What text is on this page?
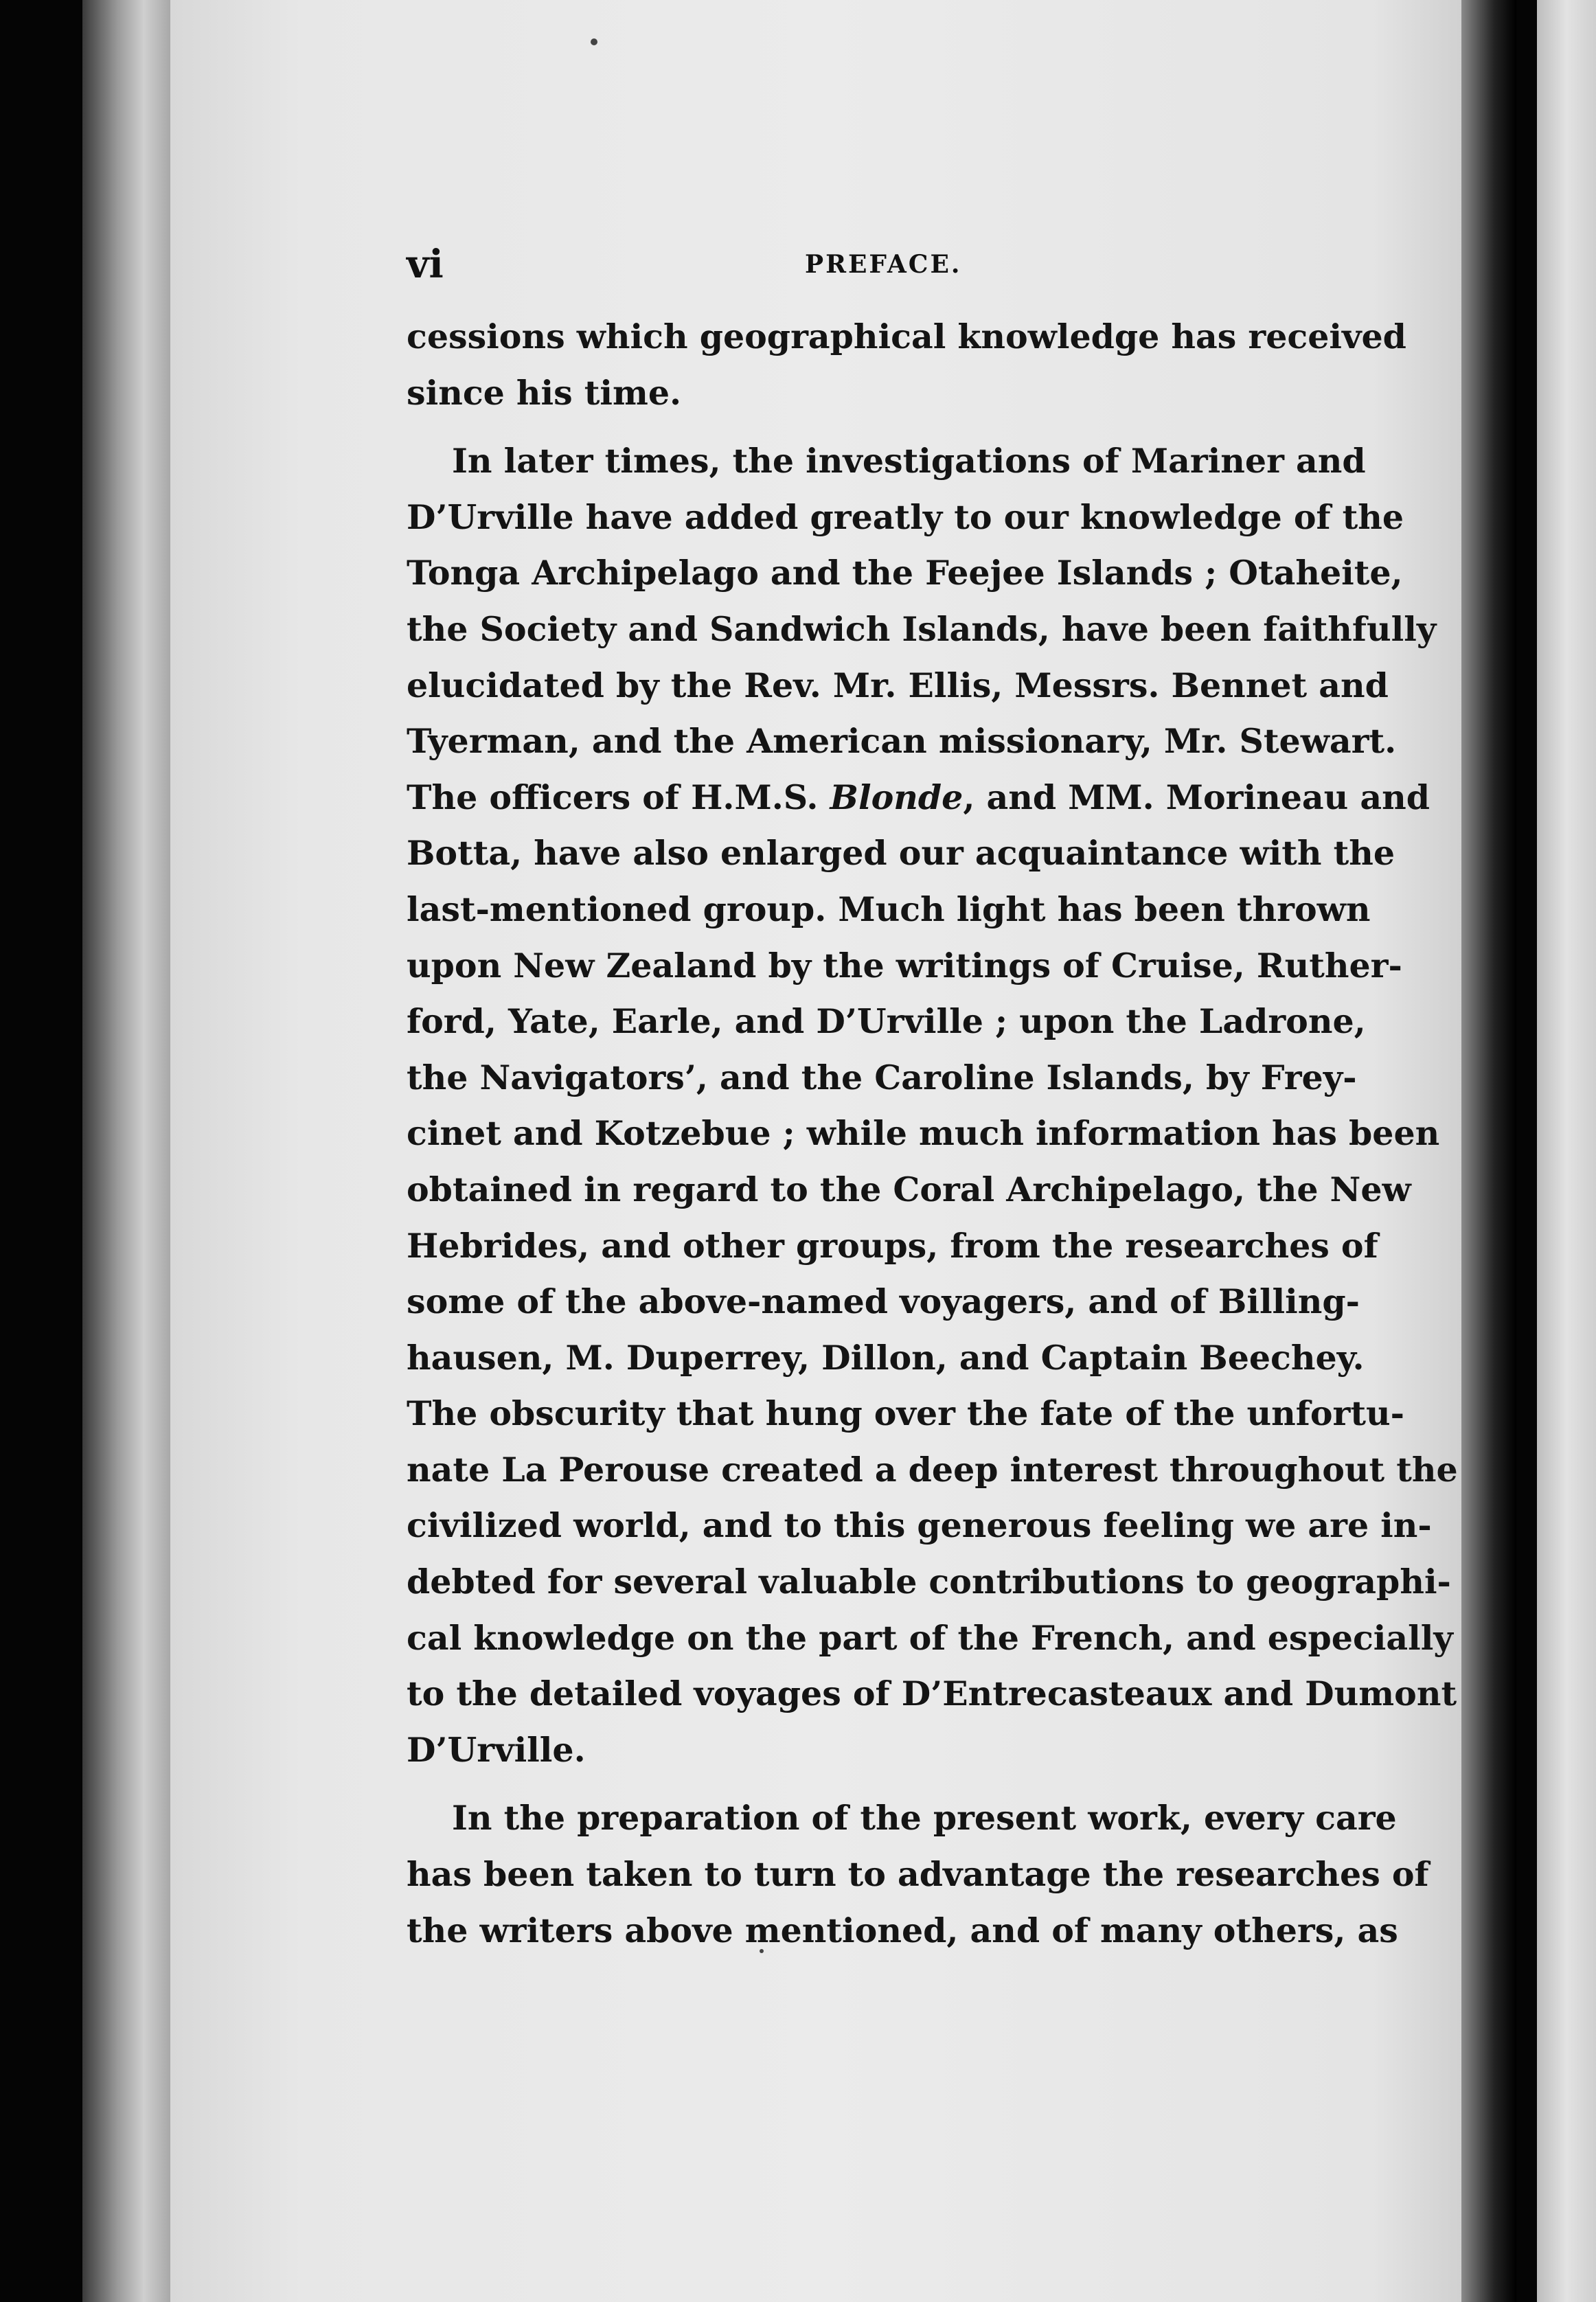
vi	PREFACE.
cessions which geographical knowledge has received
since his time.
In later times, the investigations of Mariner and
D’Urville have added greatly to our knowledge of the
Tonga Archipelago and the Feejee Islands ; Otaheite,
the Society and Sandwich Islands, have been faithfully
elucidated by the Rev. Mr. Ellis, Messrs. Bennet and
Tyerman, and the American missionary, Mr. Stewart.
The officers of H.M.S. Blonde, and MM. Morineau and
Botta, have also enlarged our acquaintance with the
last-mentioned group. Much light has been thrown
upon New Zealand by the writings of Cruise, Ruther-
ford, Yate, Earle, and D’Urville ; upon the Ladrone,
the Navigators’, and the Caroline Islands, by Frey-
cinet and Kotzebue ; while much information has been
obtained in regard to the Coral Archipelago, the New
Hebrides, and other groups, from the researches of
some of the above-named voyagers, and of Billing-
hausen, M. Duperrey, Dillon, and Captain Beechey.
The obscurity that hung over the fate of the unfortu-
nate La Perouse created a deep interest throughout the
civilized world, and to this generous feeling we are in-
debted for several valuable contributions to geographi-
cal knowledge on the part of the French, and especially
to the detailed voyages of D’Entrecasteaux and Dumont
D’Urville.
In the preparation of the present work, every care
has been taken to turn to advantage the researches of
the writers above mentioned, and of many others, as
